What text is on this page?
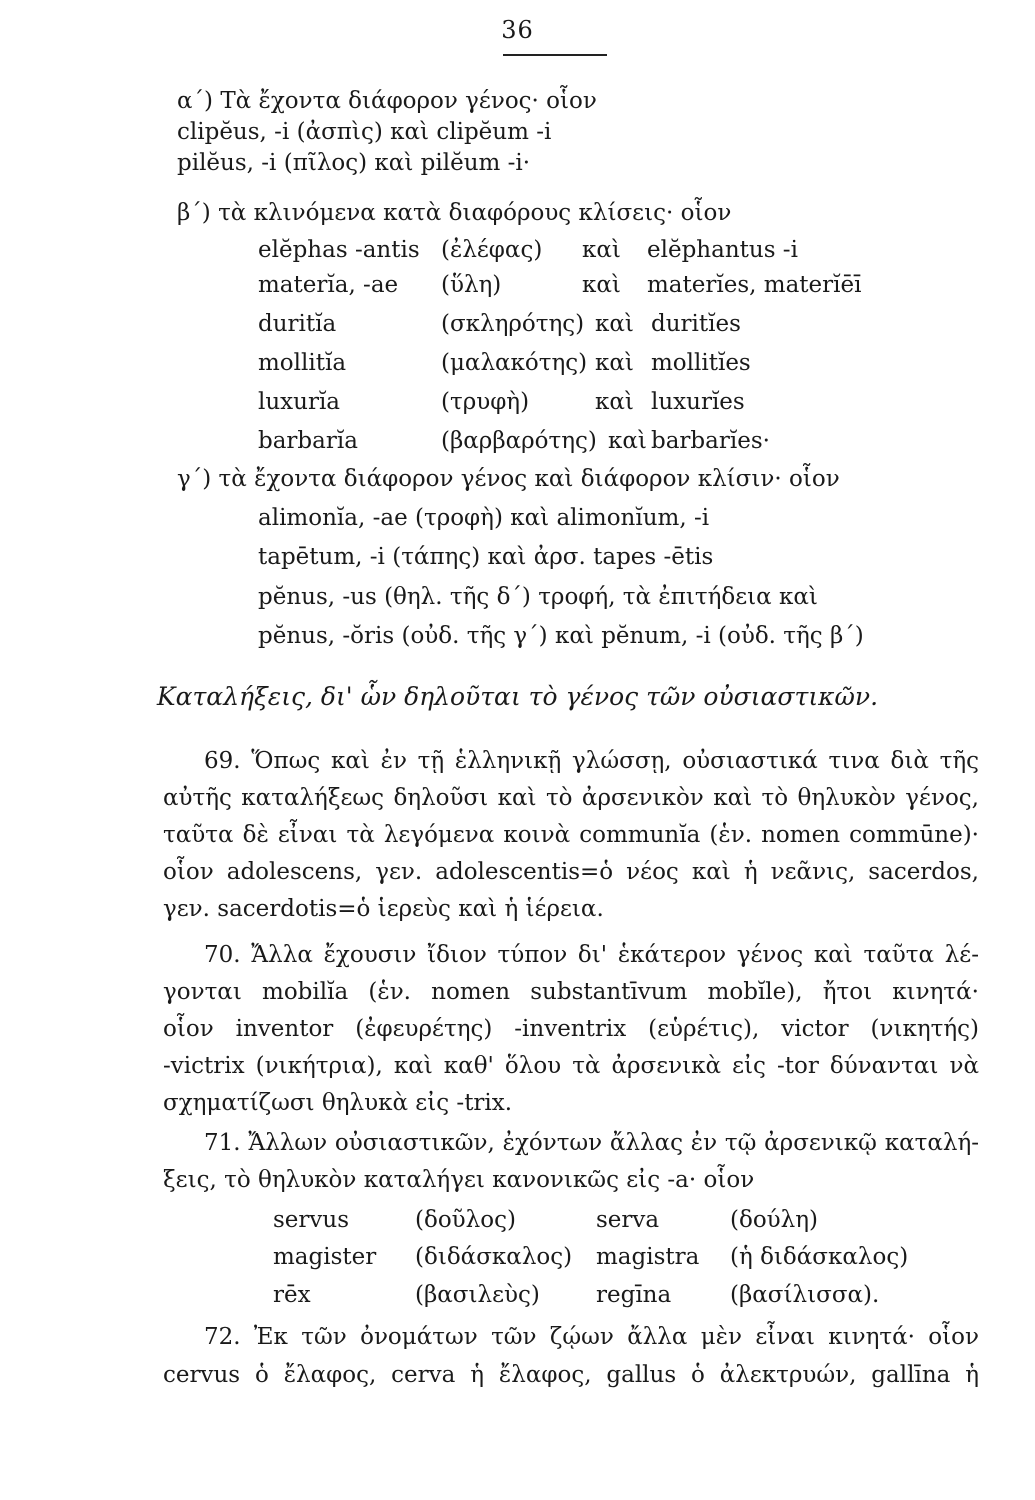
36
α΄) Τὰ ἔχοντα διάφορον γένος· οἷον
clipĕus, -i (ἀσπὶς) καὶ clipĕum -i
pilĕus, -i (πῖλος) καὶ pilĕum -i·
β΄) τὰ κλινόμενα κατὰ διαφόρους κλίσεις· οἷον
elĕphas -antis (ἐλέφας) καὶ elĕphantus -i
materĭa, -ae (ὕλη)	καὶ materĭes, materĭēī
duritĭa	(σκληρότης) καὶ duritĭes
mollitĭa	(μαλακότης) καὶ mollitĭes
luxurĭa	(τρυφὴ)	καὶ luxurĭes
barbarĭa	(βαρβαρότης) καὶ barbarĭes·
γ΄) τὰ ἔχοντα διάφορον γένος καὶ διάφορον κλίσιν· οἷον
alimonĭa, -ae (τροφὴ) καὶ alimonĭum, -i
tapētum, -i (τάπης) καὶ ἀρσ. tapes -ētis
pĕnus, -us (θηλ. τῆς δ΄) τροφή, τὰ ἐπιτήδεια καὶ
pĕnus, -ŏris (οὐδ. τῆς γ΄) καὶ pĕnum, -i (οὐδ. τῆς β΄)
Καταλήξεις, δι' ὧν δηλοῦται τὸ γένος τῶν οὐσιαστικῶν.
69. Ὅπως καὶ ἐν τῇ ἑλληνικῇ γλώσσῃ, οὐσιαστικά τινα διὰ τῆς
αὐτῆς καταλήξεως δηλοῦσι καὶ τὸ ἀρσενικὸν καὶ τὸ θηλυκὸν γένος,
ταῦτα δὲ εἶναι τὰ λεγόμενα κοινὰ communĭa (ἑν. nomen commūne)·
οἷον adolescens, γεν. adolescentis=ὁ νέος καὶ ἡ νεᾶνις, sacerdos,
γεν. sacerdotis=ὁ ἱερεὺς καὶ ἡ ἱέρεια.
70. Ἄλλα ἔχουσιν ἴδιον τύπον δι' ἑκάτερον γένος καὶ ταῦτα λέ-
γονται mobilĭa (ἑν. nomen substantīvum mobĭle), ἤτοι κινητά·
οἷον inventor (ἐφευρέτης) -inventrix (εὑρέτις), victor (νικητής)
-victrix (νικήτρια), καὶ καθ' ὅλου τὰ ἀρσενικὰ εἰς -tor δύνανται νὰ
σχηματίζωσι θηλυκὰ εἰς -trix.
71. Ἄλλων οὐσιαστικῶν, ἐχόντων ἄλλας ἐν τῷ ἀρσενικῷ καταλή-
ξεις, τὸ θηλυκὸν καταλήγει κανονικῶς εἰς -a· οἷον
servus	(δοῦλος)	serva	(δούλη)
magister (διδάσκαλος) magistra (ἡ διδάσκαλος)
rēx	(βασιλεὺς) regīna	(βασίλισσα).
72. Ἐκ τῶν ὀνομάτων τῶν ζῴων ἄλλα μὲν εἶναι κινητά· οἷον
cervus ὁ ἔλαφος, cerva ἡ ἔλαφος, gallus ὁ ἀλεκτρυών, gallīna ἡ
